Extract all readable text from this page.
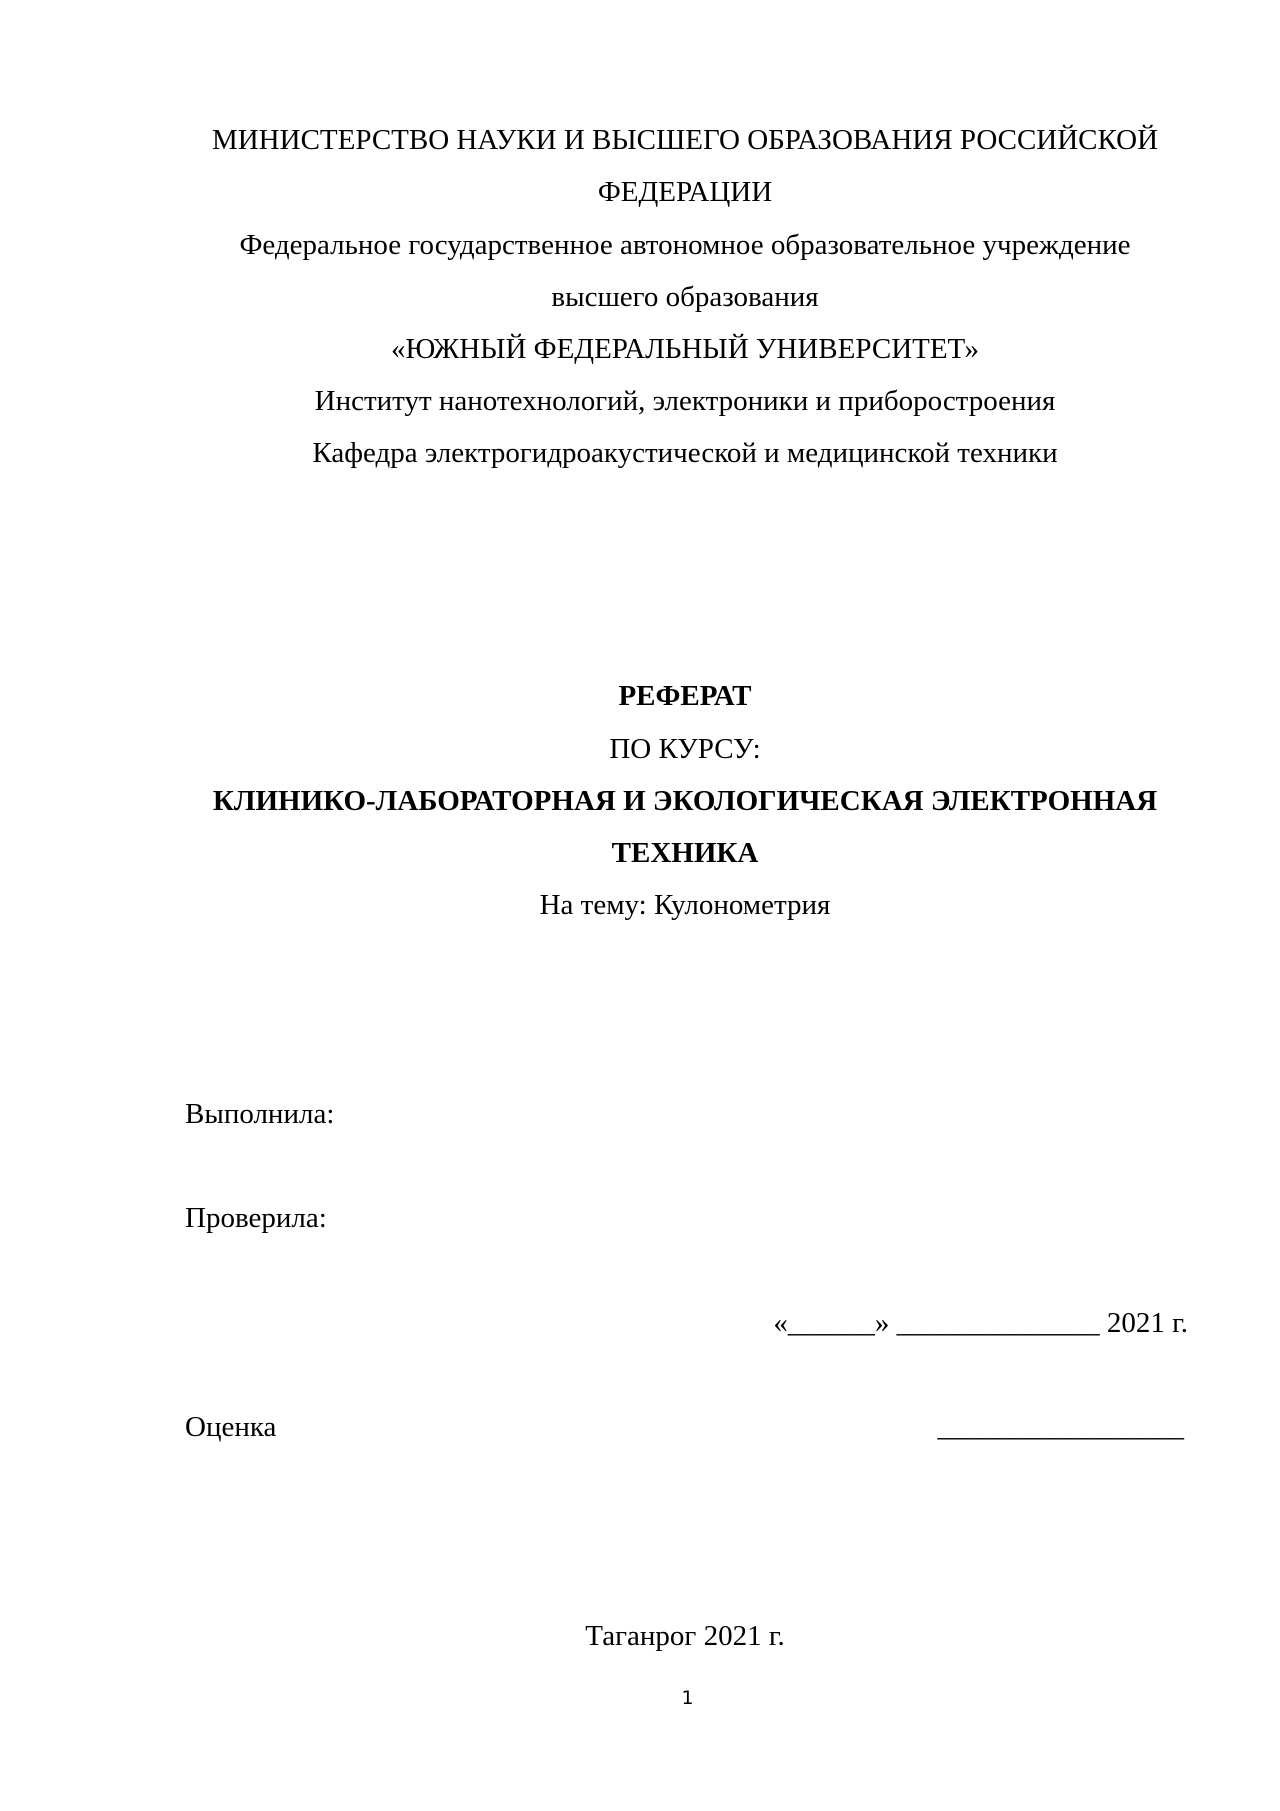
МИНИСТЕРСТВО НАУКИ И ВЫСШЕГО ОБРАЗОВАНИЯ РОССИЙСКОЙ
ФЕДЕРАЦИИ
Федеральное государственное автономное образовательное учреждение
высшего образования
«ЮЖНЫЙ ФЕДЕРАЛЬНЫЙ УНИВЕРСИТЕТ»
Институт нанотехнологий, электроники и приборостроения
Кафедра электрогидроакустической и медицинской техники
РЕФЕРАТ
ПО КУРСУ:
КЛИНИКО-ЛАБОРАТОРНАЯ И ЭКОЛОГИЧЕСКАЯ ЭЛЕКТРОННАЯ
ТЕХНИКА
На тему: Кулонометрия
Выполнила:
Проверила:
«______» ______________ 2021 г.
Оценка	_________________
Таганрог 2021 г.
1
